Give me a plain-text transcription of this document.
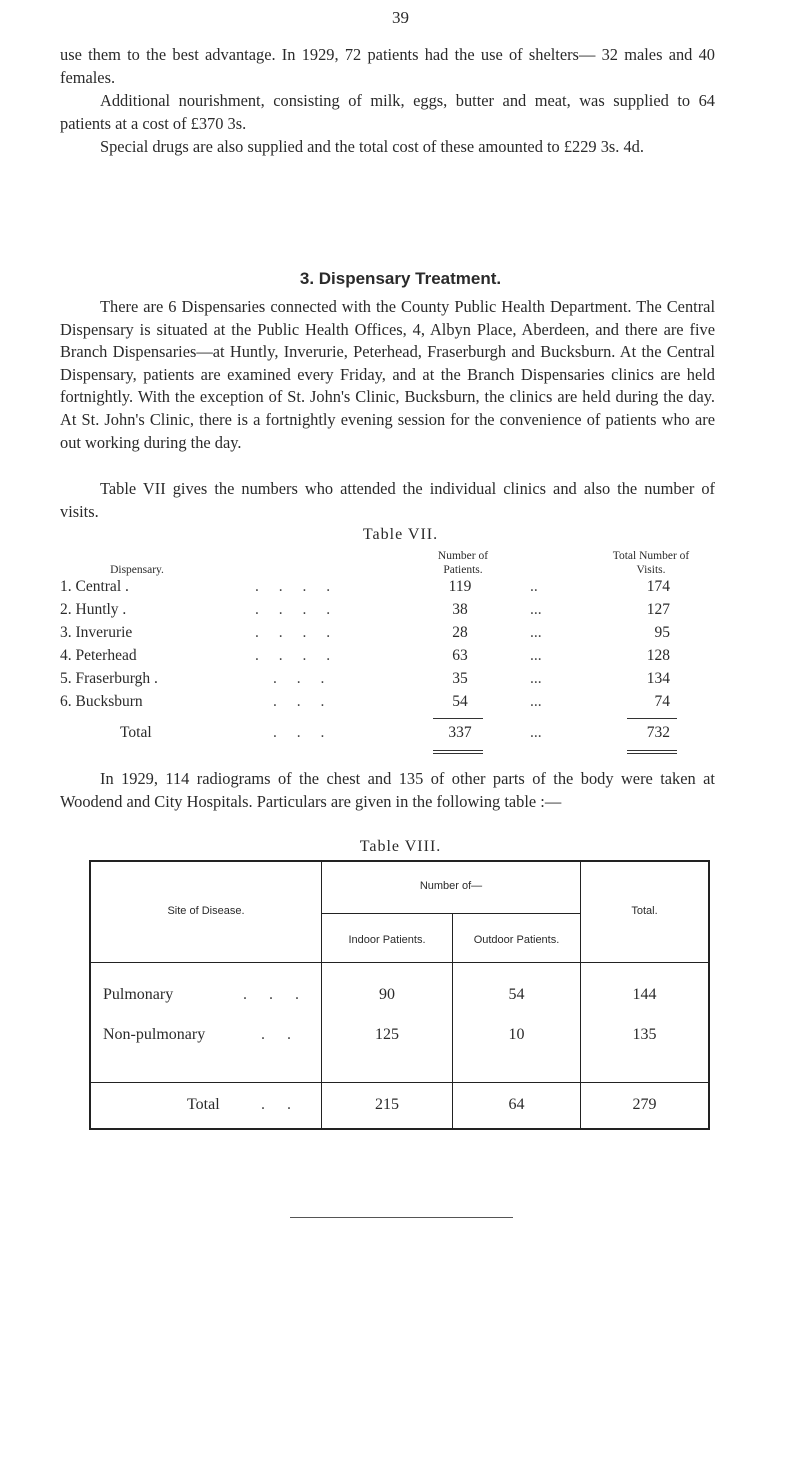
39

use them to the best advantage. In 1929, 72 patients had the use of shelters— 32 males and 40 females.

Additional nourishment, consisting of milk, eggs, butter and meat, was supplied to 64 patients at a cost of £370 3s.

Special drugs are also supplied and the total cost of these amounted to £229 3s. 4d.

3. Dispensary Treatment.

There are 6 Dispensaries connected with the County Public Health Department. The Central Dispensary is situated at the Public Health Offices, 4, Albyn Place, Aberdeen, and there are five Branch Dispensaries—at Huntly, Inverurie, Peterhead, Fraserburgh and Bucksburn. At the Central Dispensary, patients are examined every Friday, and at the Branch Dispensaries clinics are held fortnightly. With the exception of St. John's Clinic, Bucksburn, the clinics are held during the day. At St. John's Clinic, there is a fortnightly evening session for the convenience of patients who are out working during the day.

Table VII gives the numbers who attended the individual clinics and also the number of visits.

Table VII.
Dispensary.
Number of Patients.
Total Number of Visits.
1. Central .	. . . .	119	..	174
2. Huntly .	. . . .	38	...	127
3. Inverurie	. . . .	28	...	95
4. Peterhead	. . . .	63	...	128
5. Fraserburgh .	. . .	35	...	134
6. Bucksburn	. . .	54	...	74
Total	. . .	337	...	732

In 1929, 114 radiograms of the chest and 135 of other parts of the body were taken at Woodend and City Hospitals. Particulars are given in the following table :—

Table VIII.
Site of Disease.
Number of—
Indoor Patients.	Outdoor Patients.
Total.
Pulmonary	. . .	90	54	144
Non-pulmonary	. .	125	10	135
Total	. .	215	64	279
